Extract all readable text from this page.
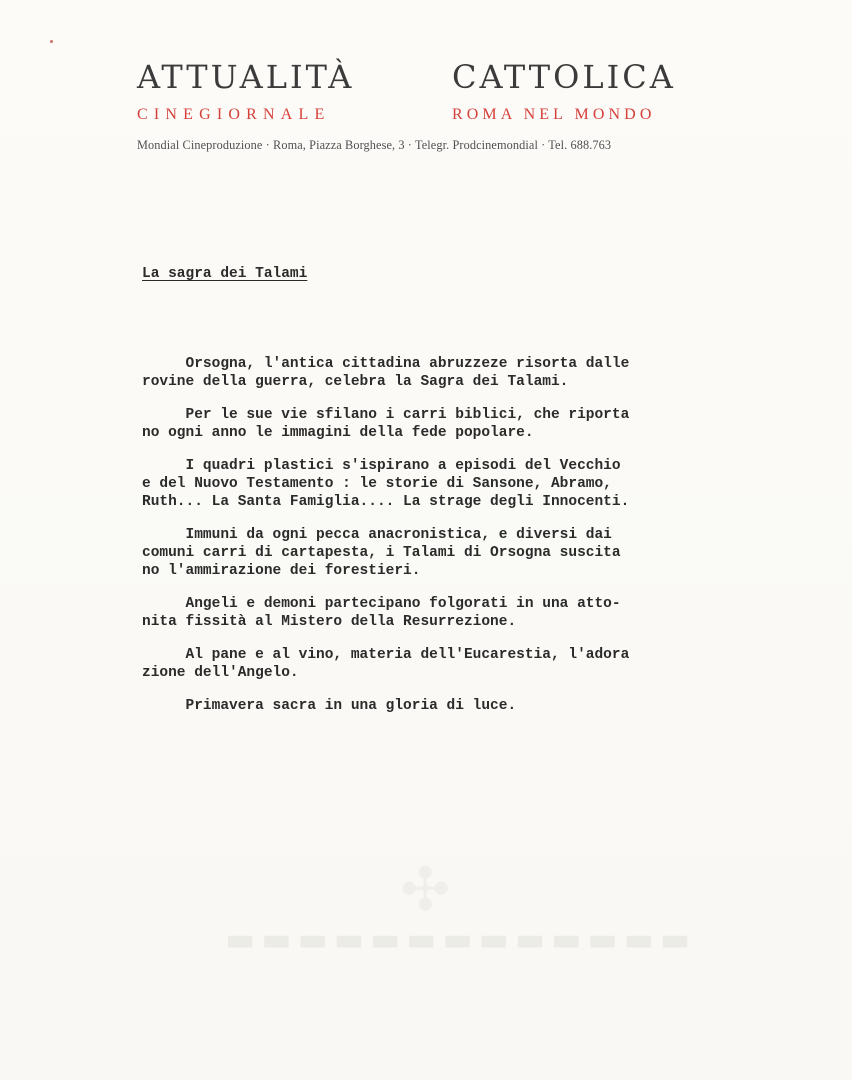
ATTUALITÀ	CATTOLICA
CINEGIORNALE	ROMA NEL MONDO
Mondial Cineproduzione · Roma, Piazza Borghese, 3 · Telegr. Prodcinemondial · Tel. 688.763
La sagra dei Talami
Orsogna, l'antica cittadina abruzzeze risorta dalle
rovine della guerra, celebra la Sagra dei Talami.
Per le sue vie sfilano i carri biblici, che riporta
no ogni anno le immagini della fede popolare.
I quadri plastici s'ispirano a episodi del Vecchio
e del Nuovo Testamento : le storie di Sansone, Abramo,
Ruth... La Santa Famiglia.... La strage degli Innocenti.
Immuni da ogni pecca anacronistica, e diversi dai
comuni carri di cartapesta, i Talami di Orsogna suscita
no l'ammirazione dei forestieri.
Angeli e demoni partecipano folgorati in una atto-
nita fissità al Mistero della Resurrezione.
Al pane e al vino, materia dell'Eucarestia, l'adora
zione dell'Angelo.
Primavera sacra in una gloria di luce.
✣
▬▬▬▬▬▬▬▬▬▬▬▬▬
